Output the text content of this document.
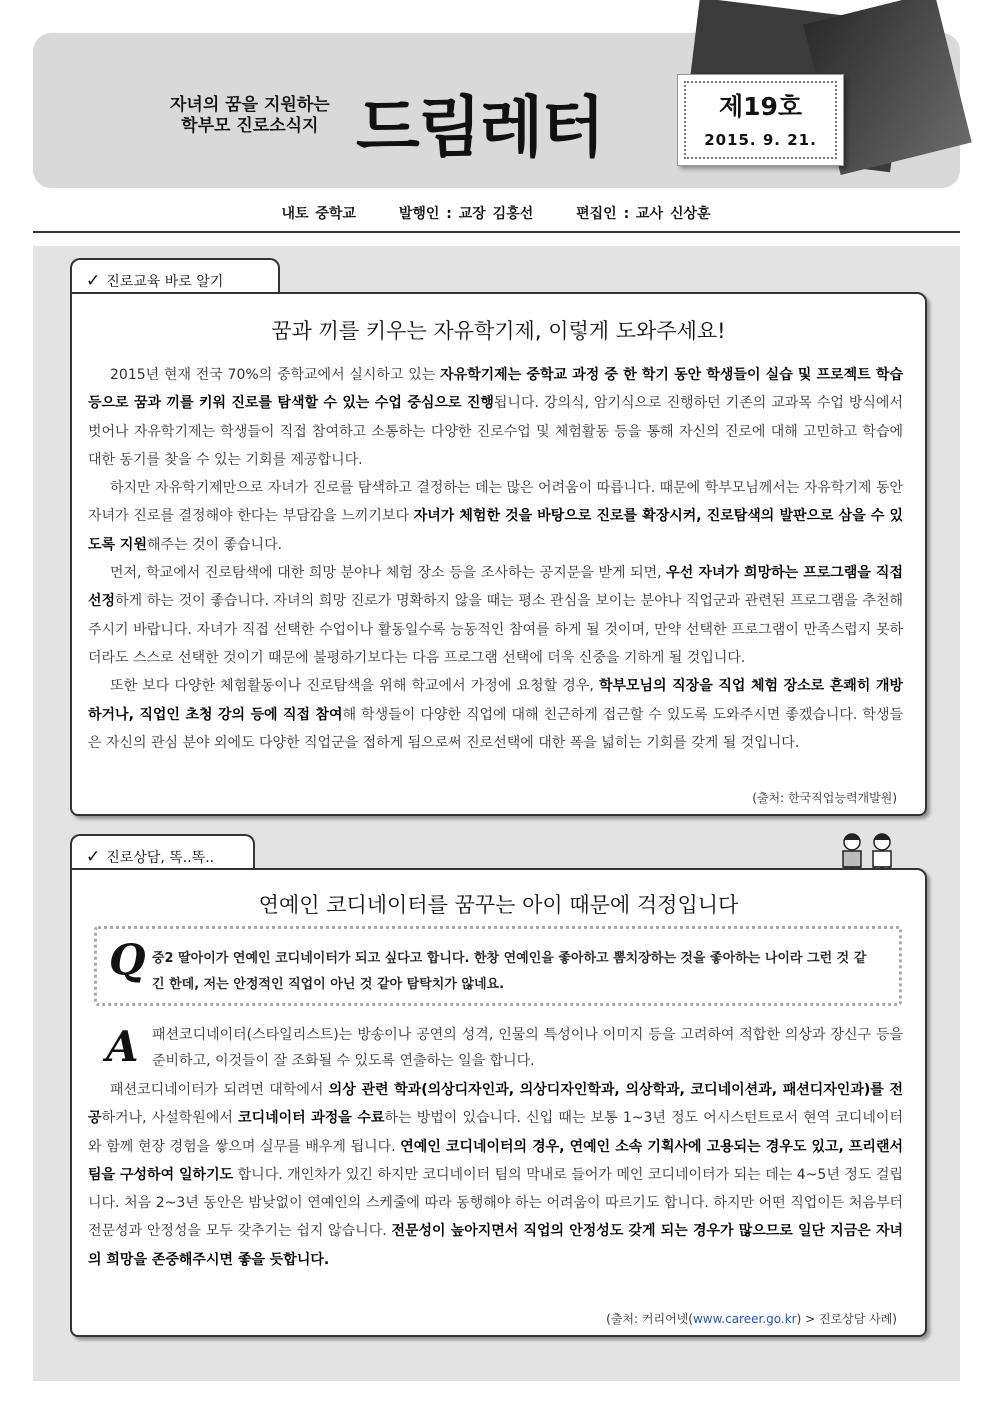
자녀의 꿈을 지원하는
학부모 진로소식지 드림레터	제19호
2015. 9. 21.
내토 중학교	발행인 : 교장 김홍선	편집인 : 교사 신상훈
✓ 진로교육 바로 알기
꿈과 끼를 키우는 자유학기제, 이렇게 도와주세요!

2015년 현재 전국 70%의 중학교에서 실시하고 있는 자유학기제는 중학교 과정 중 한 학기 동안 학생들이 실습 및 프로젝트 학습 등으로 꿈과 끼를 키워 진로를 탐색할 수 있는 수업 중심으로 진행됩니다. 강의식, 암기식으로 진행하던 기존의 교과목 수업 방식에서 벗어나 자유학기제는 학생들이 직접 참여하고 소통하는 다양한 진로수업 및 체험활동 등을 통해 자신의 진로에 대해 고민하고 학습에 대한 동기를 찾을 수 있는 기회를 제공합니다.

하지만 자유학기제만으로 자녀가 진로를 탐색하고 결정하는 데는 많은 어려움이 따릅니다. 때문에 학부모님께서는 자유학기제 동안 자녀가 진로를 결정해야 한다는 부담감을 느끼기보다 자녀가 체험한 것을 바탕으로 진로를 확장시켜, 진로탐색의 발판으로 삼을 수 있도록 지원해주는 것이 좋습니다.

먼저, 학교에서 진로탐색에 대한 희망 분야나 체험 장소 등을 조사하는 공지문을 받게 되면, 우선 자녀가 희망하는 프로그램을 직접 선정하게 하는 것이 좋습니다. 자녀의 희망 진로가 명확하지 않을 때는 평소 관심을 보이는 분야나 직업군과 관련된 프로그램을 추천해주시기 바랍니다. 자녀가 직접 선택한 수업이나 활동일수록 능동적인 참여를 하게 될 것이며, 만약 선택한 프로그램이 만족스럽지 못하더라도 스스로 선택한 것이기 때문에 불평하기보다는 다음 프로그램 선택에 더욱 신중을 기하게 될 것입니다.

또한 보다 다양한 체험활동이나 진로탐색을 위해 학교에서 가정에 요청할 경우, 학부모님의 직장을 직업 체험 장소로 흔쾌히 개방하거나, 직업인 초청 강의 등에 직접 참여해 학생들이 다양한 직업에 대해 친근하게 접근할 수 있도록 도와주시면 좋겠습니다. 학생들은 자신의 관심 분야 외에도 다양한 직업군을 접하게 됨으로써 진로선택에 대한 폭을 넓히는 기회를 갖게 될 것입니다.

(출처: 한국직업능력개발원)
✓ 진로상담, 똑..똑..
연예인 코디네이터를 꿈꾸는 아이 때문에 걱정입니다
Q 중2 딸아이가 연예인 코디네이터가 되고 싶다고 합니다. 한창 연예인을 좋아하고 뽐치장하는 것을 좋아하는 나이라 그런 것 같긴 한데, 저는 안정적인 직업이 아닌 것 같아 탐탁치가 않네요.
A 패션코디네이터(스타일리스트)는 방송이나 공연의 성격, 인물의 특성이나 이미지 등을 고려하여 적합한 의상과 장신구 등을 준비하고, 이것들이 잘 조화될 수 있도록 연출하는 일을 합니다.

패션코디네이터가 되려면 대학에서 의상 관련 학과(의상디자인과, 의상디자인학과, 의상학과, 코디네이션과, 패션디자인과)를 전공하거나, 사설학원에서 코디네이터 과정을 수료하는 방법이 있습니다. 신입 때는 보통 1~3년 정도 어시스턴트로서 현역 코디네이터와 함께 현장 경험을 쌓으며 실무를 배우게 됩니다. 연예인 코디네이터의 경우, 연예인 소속 기획사에 고용되는 경우도 있고, 프리랜서 팀을 구성하여 일하기도 합니다. 개인차가 있긴 하지만 코디네이터 팀의 막내로 들어가 메인 코디네이터가 되는 데는 4~5년 정도 걸립니다. 처음 2~3년 동안은 밤낮없이 연예인의 스케줄에 따라 동행해야 하는 어려움이 따르기도 합니다. 하지만 어떤 직업이든 처음부터 전문성과 안정성을 모두 갖추기는 쉽지 않습니다. 전문성이 높아지면서 직업의 안정성도 갖게 되는 경우가 많으므로 일단 지금은 자녀의 희망을 존중해주시면 좋을 듯합니다.

(출처: 커리어넷(www.career.go.kr) > 진로상담 사례)
